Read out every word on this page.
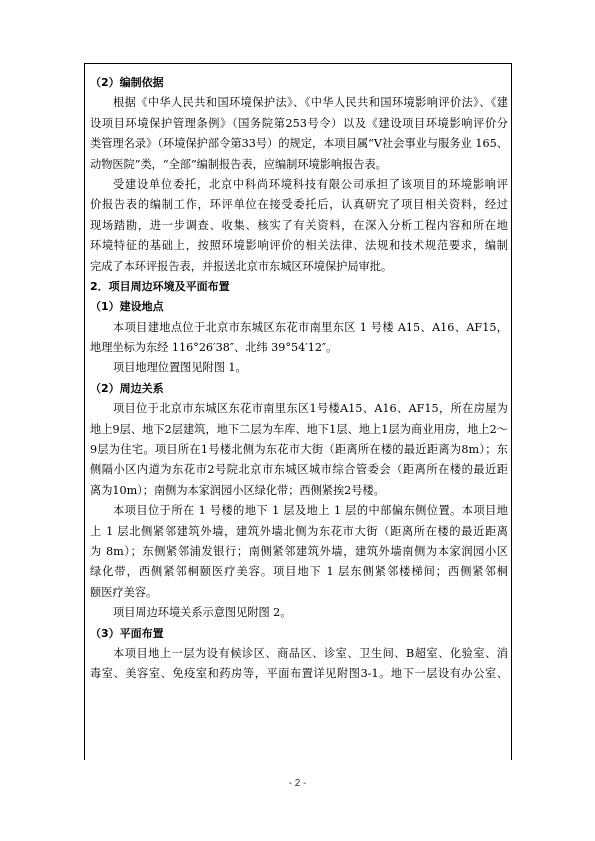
（2）编制依据
根据《中华人民共和国环境保护法》、《中华人民共和国环境影响评价法》、《建
设项目环境保护管理条例》（国务院第253号令）以及《建设项目环境影响评价分
类管理名录》（环境保护部令第33号）的规定，本项目属“V社会事业与服务业 165、
动物医院”类，“全部”编制报告表，应编制环境影响报告表。
受建设单位委托，北京中科尚环境科技有限公司承担了该项目的环境影响评
价报告表的编制工作，环评单位在接受委托后，认真研究了项目相关资料，经过
现场踏勘，进一步调查、收集、核实了有关资料，在深入分析工程内容和所在地
环境特征的基础上，按照环境影响评价的相关法律、法规和技术规范要求，编制
完成了本环评报告表，并报送北京市东城区环境保护局审批。
2．项目周边环境及平面布置
（1）建设地点
本项目建地点位于北京市东城区东花市南里东区 1 号楼 A15、A16、AF15，
地理坐标为东经 116°26′38″、北纬 39°54′12″。
项目地理位置图见附图 1。
（2）周边关系
项目位于北京市东城区东花市南里东区1号楼A15、A16、AF15，所在房屋为
地上9层、地下2层建筑，地下二层为车库、地下1层、地上1层为商业用房，地上2～
9层为住宅。项目所在1号楼北侧为东花市大街（距离所在楼的最近距离为8m）；东
侧隔小区内道为东花市2号院北京市东城区城市综合管委会（距离所在楼的最近距
离为10m）；南侧为本家润园小区绿化带；西侧紧挨2号楼。
本项目位于所在 1 号楼的地下 1 层及地上 1 层的中部偏东侧位置。本项目地
上 1 层北侧紧邻建筑外墙，建筑外墙北侧为东花市大街（距离所在楼的最近距离
为 8m）；东侧紧邻浦发银行；南侧紧邻建筑外墙，建筑外墙南侧为本家润园小区
绿化带，西侧紧邻桐颐医疗美容。项目地下 1 层东侧紧邻楼梯间；西侧紧邻桐
颐医疗美容。
项目周边环境关系示意图见附图 2。
（3）平面布置
本项目地上一层为设有候诊区、商品区、诊室、卫生间、B超室、化验室、消
毒室、美容室、免疫室和药房等，平面布置详见附图3-1。地下一层设有办公室、
- 2 -
